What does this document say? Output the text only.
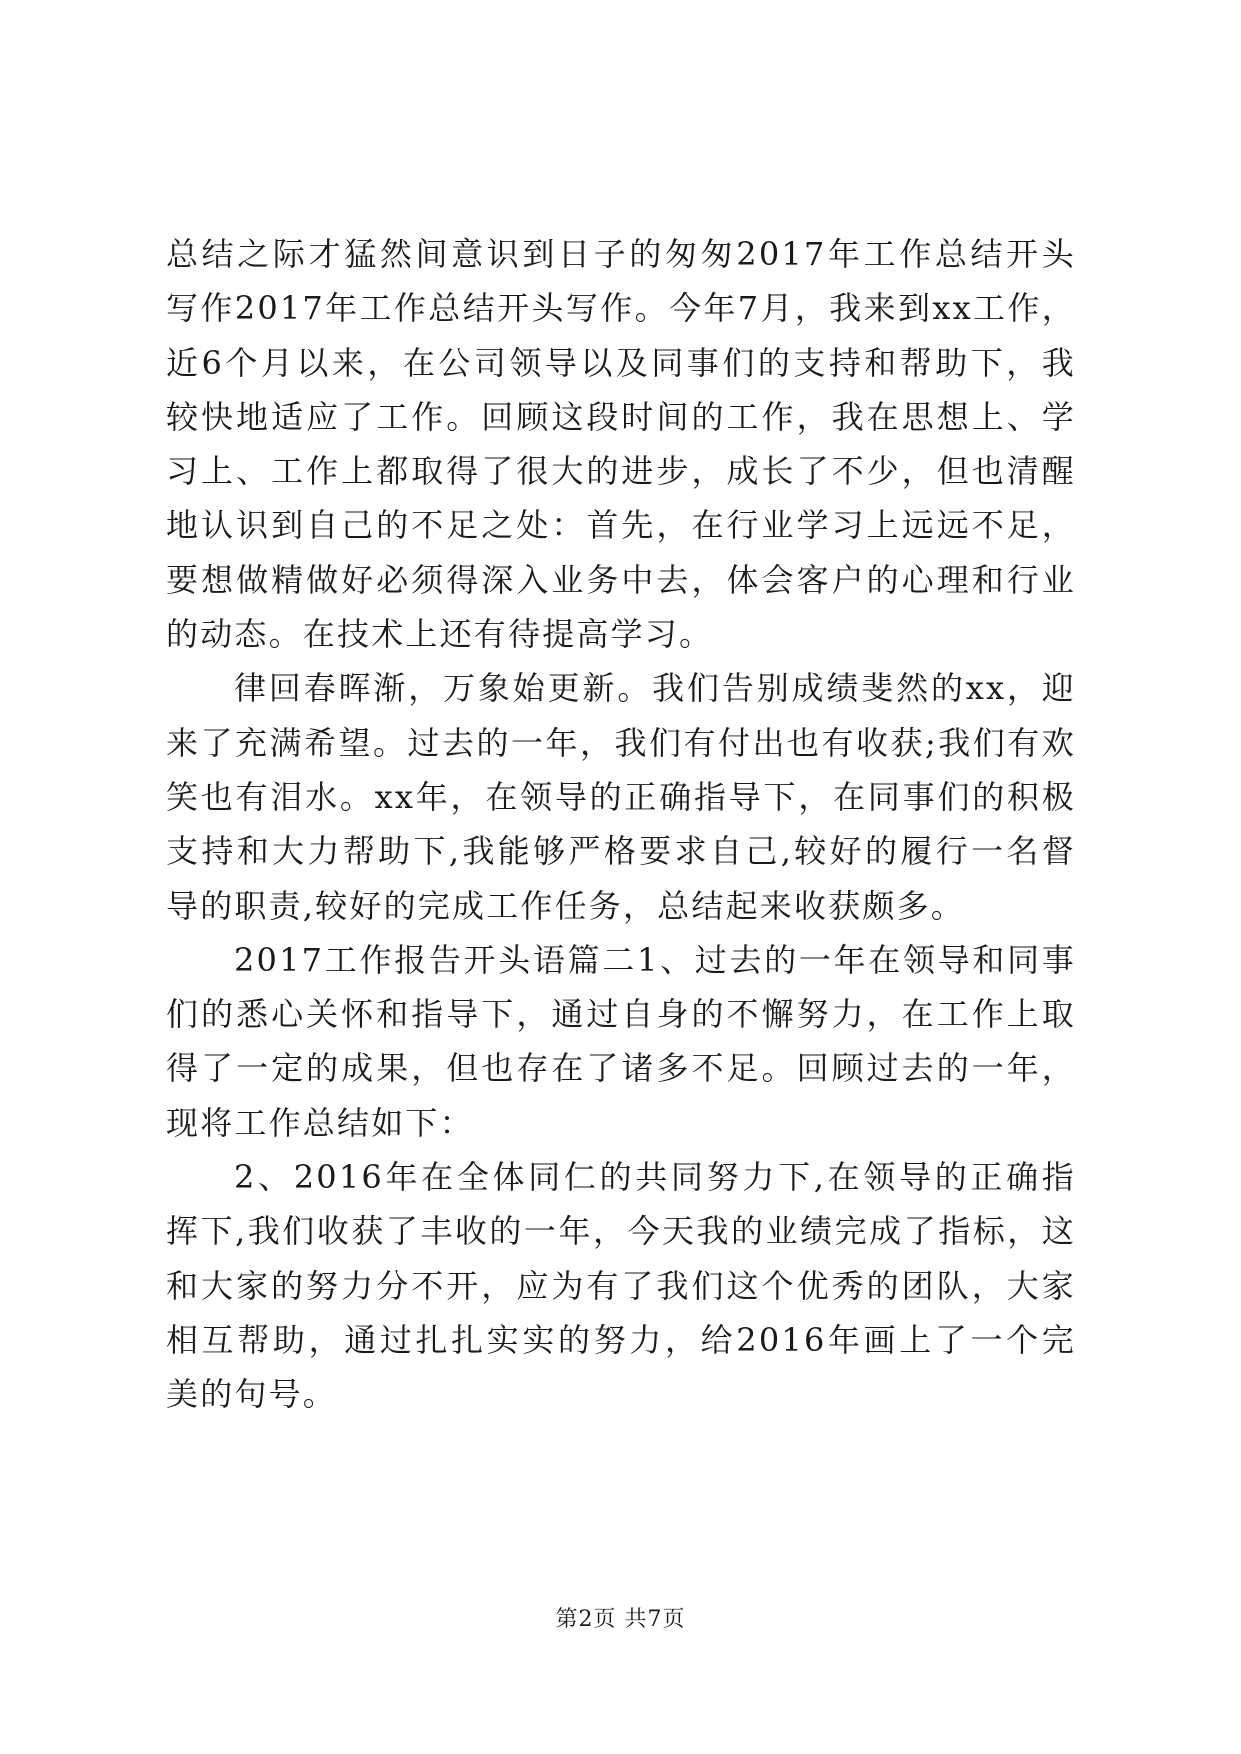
总结之际才猛然间意识到日子的匆匆2017年工作总结开头写作2017年工作总结开头写作。今年7月，我来到xx工作，近6个月以来，在公司领导以及同事们的支持和帮助下，我较快地适应了工作。回顾这段时间的工作，我在思想上、学习上、工作上都取得了很大的进步，成长了不少，但也清醒地认识到自己的不足之处：首先，在行业学习上远远不足，要想做精做好必须得深入业务中去，体会客户的心理和行业的动态。在技术上还有待提高学习。

律回春晖渐，万象始更新。我们告别成绩斐然的xx，迎来了充满希望。过去的一年，我们有付出也有收获;我们有欢笑也有泪水。xx年，在领导的正确指导下，在同事们的积极支持和大力帮助下,我能够严格要求自己,较好的履行一名督导的职责,较好的完成工作任务，总结起来收获颇多。

2017工作报告开头语篇二1、过去的一年在领导和同事们的悉心关怀和指导下，通过自身的不懈努力，在工作上取得了一定的成果，但也存在了诸多不足。回顾过去的一年，现将工作总结如下：

2、2016年在全体同仁的共同努力下,在领导的正确指挥下,我们收获了丰收的一年，今天我的业绩完成了指标，这和大家的努力分不开，应为有了我们这个优秀的团队，大家相互帮助，通过扎扎实实的努力，给2016年画上了一个完美的句号。

第2页 共7页
